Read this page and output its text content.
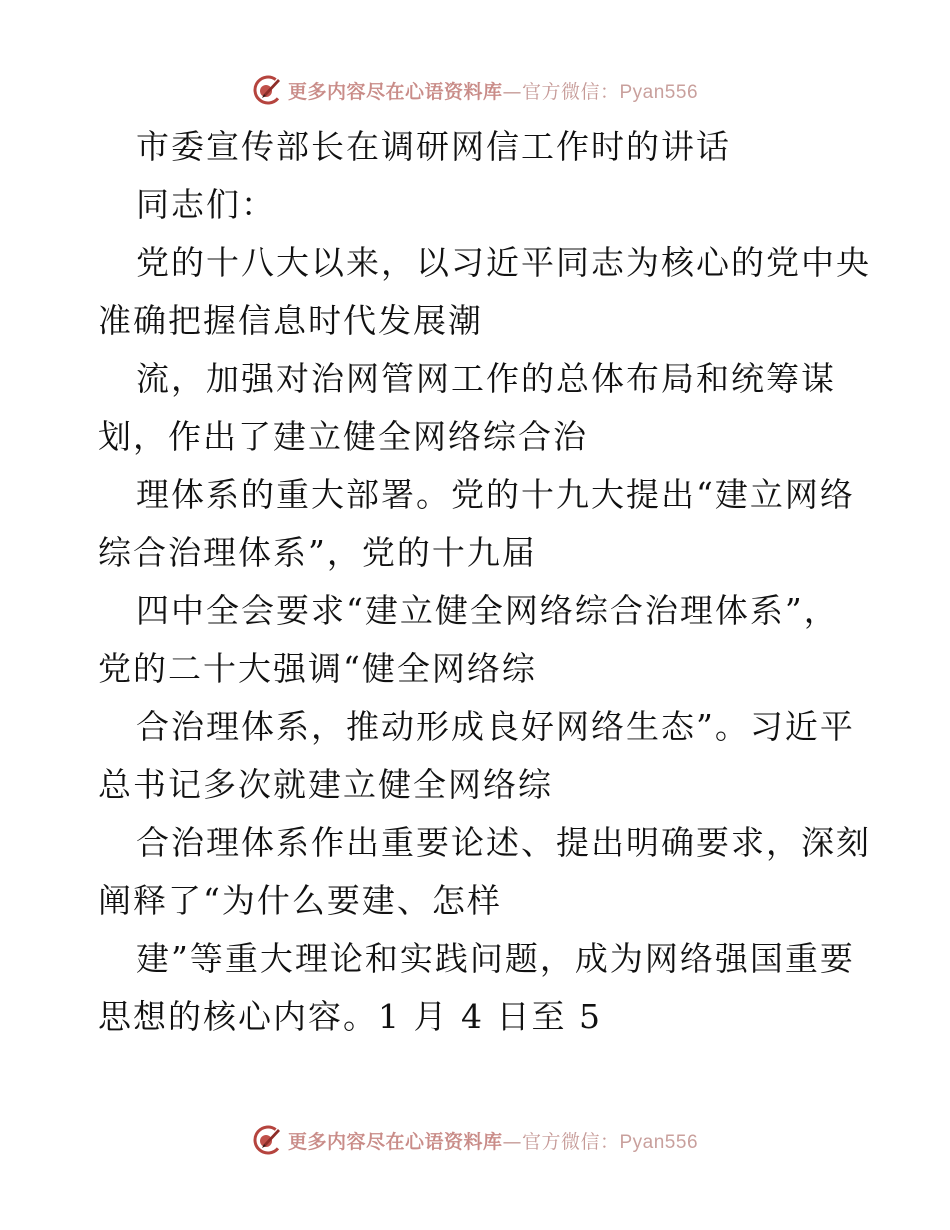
更多内容尽在心语资料库—官方微信：Pyan556
市委宣传部长在调研网信工作时的讲话
同志们：
党的十八大以来，以习近平同志为核心的党中央
准确把握信息时代发展潮
流，加强对治网管网工作的总体布局和统筹谋
划，作出了建立健全网络综合治
理体系的重大部署。党的十九大提出“建立网络
综合治理体系”，党的十九届
四中全会要求“建立健全网络综合治理体系”，
党的二十大强调“健全网络综
合治理体系，推动形成良好网络生态”。习近平
总书记多次就建立健全网络综
合治理体系作出重要论述、提出明确要求，深刻
阐释了“为什么要建、怎样
建”等重大理论和实践问题，成为网络强国重要
思想的核心内容。1 月 4 日至 5
更多内容尽在心语资料库—官方微信：Pyan556
